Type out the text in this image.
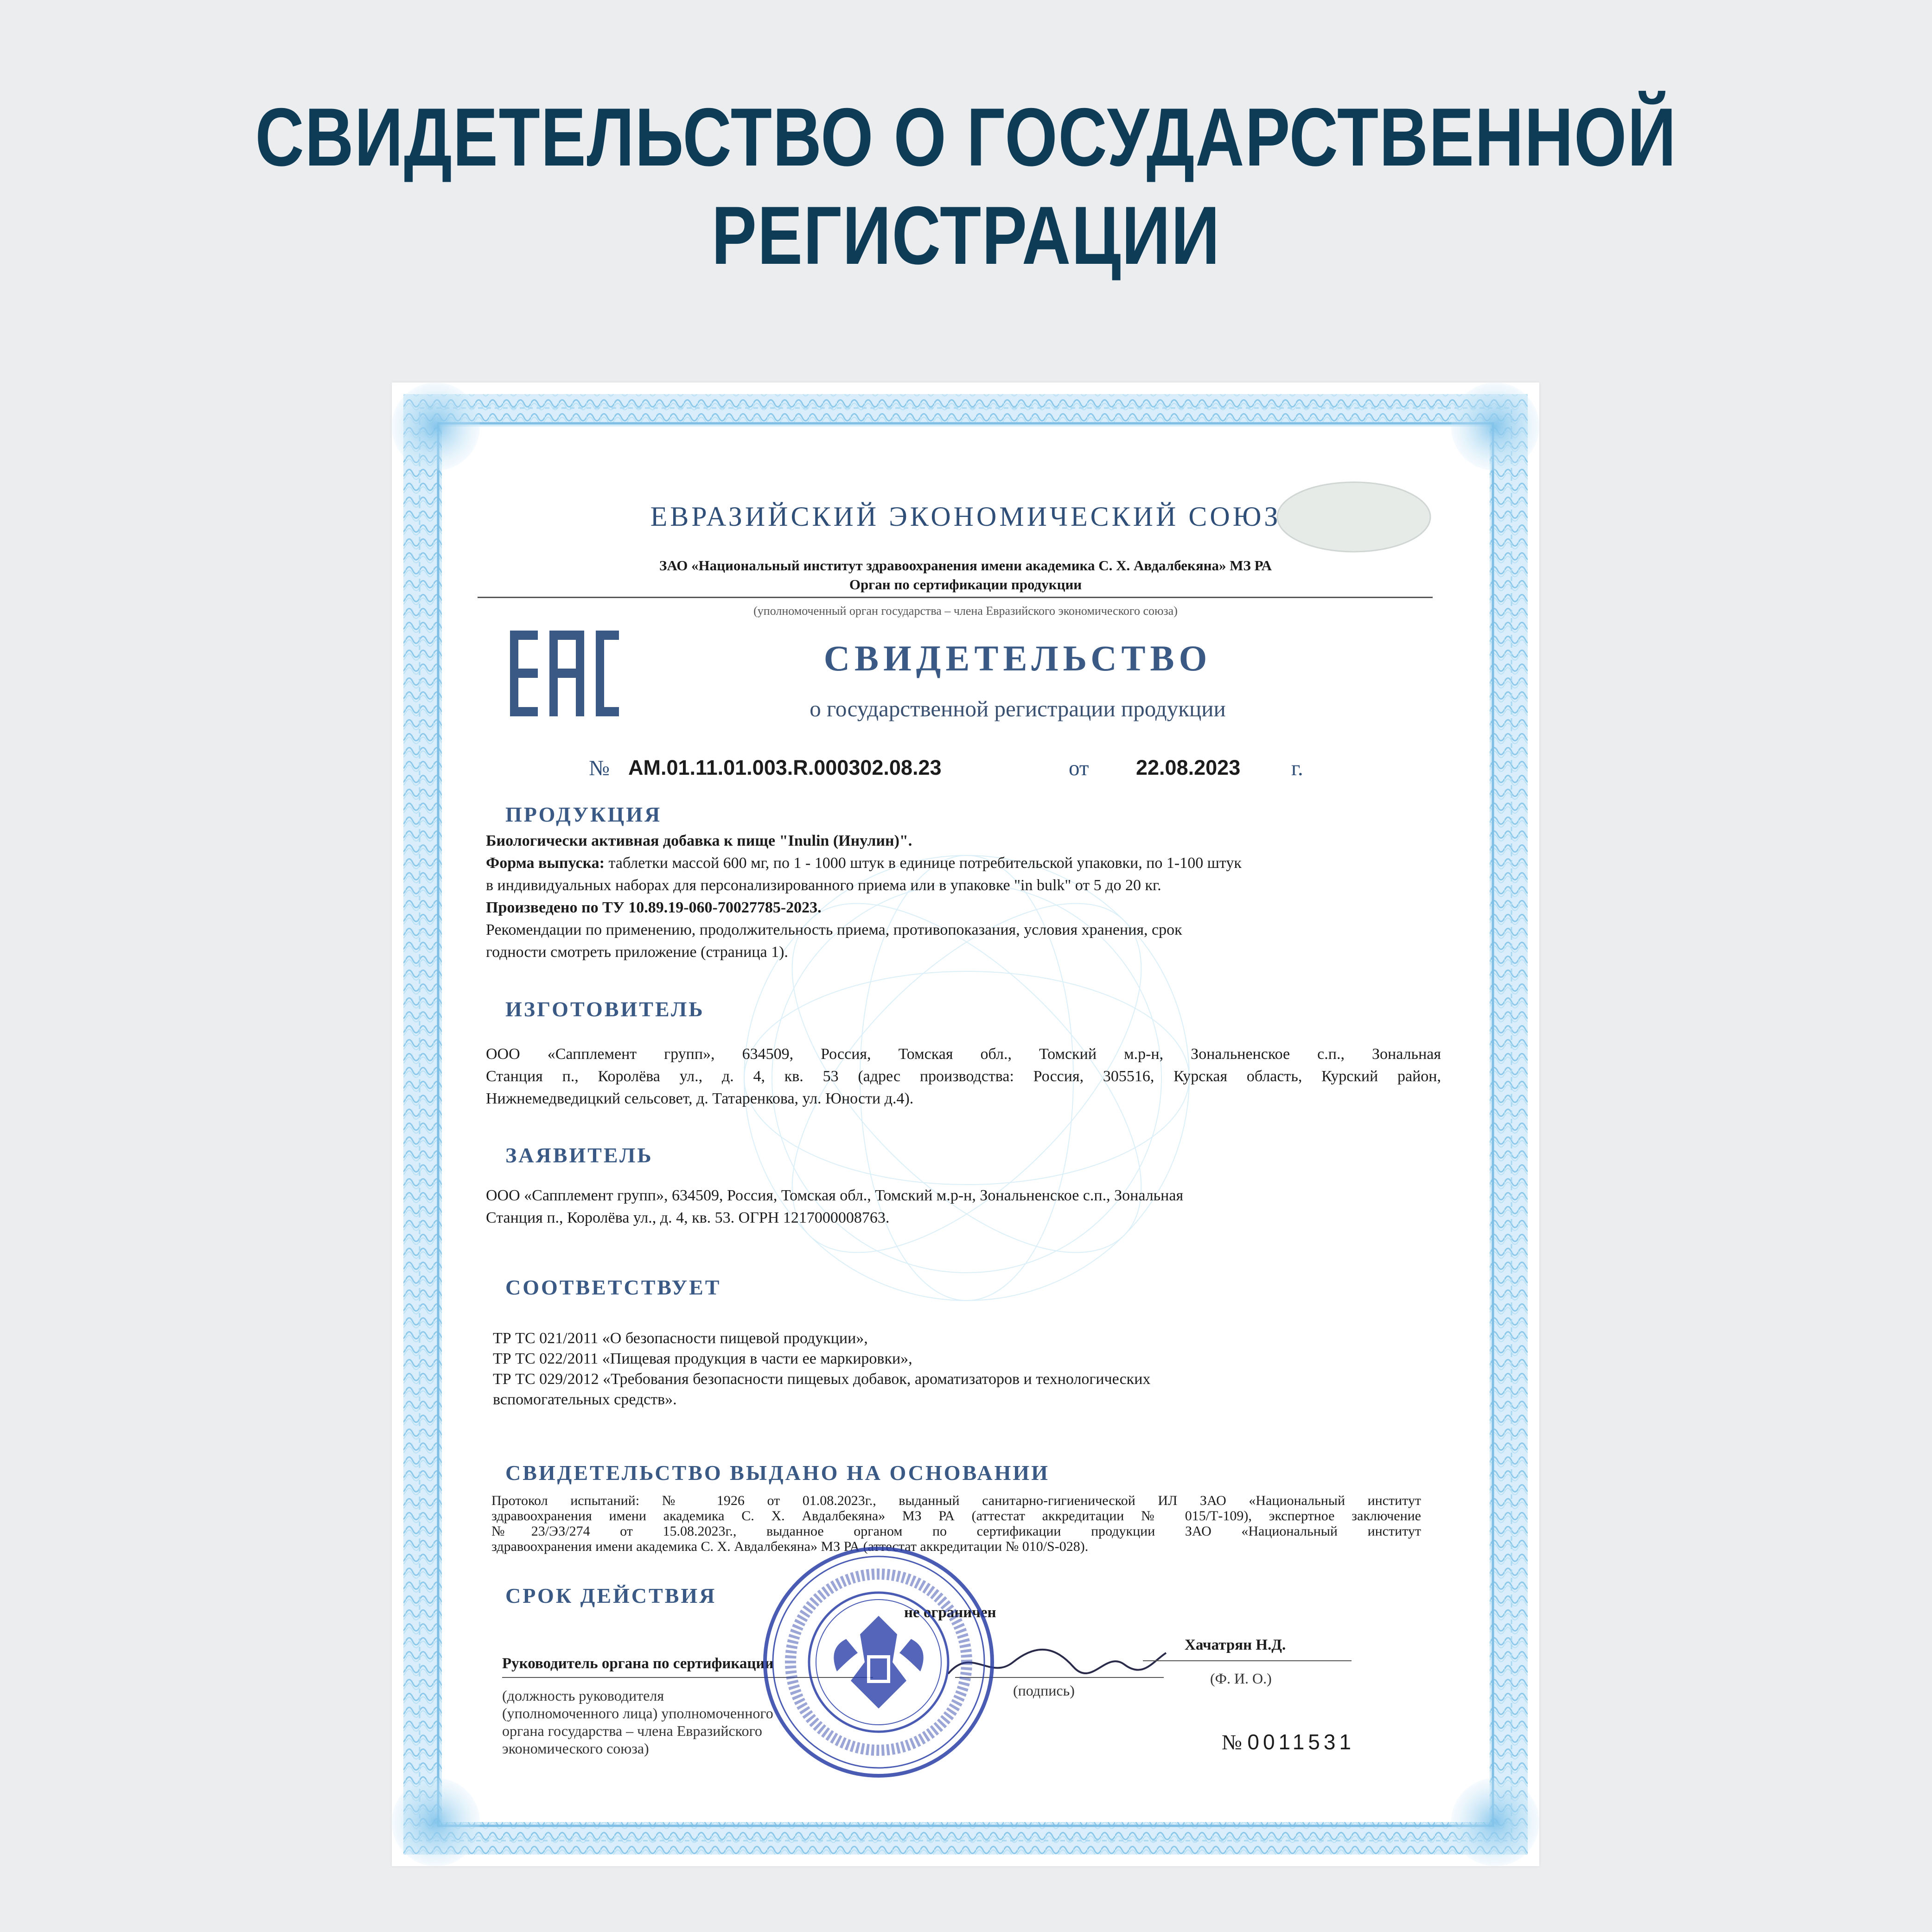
СВИДЕТЕЛЬСТВО О ГОСУДАРСТВЕННОЙ
РЕГИСТРАЦИИ
ЕВРАЗИЙСКИЙ ЭКОНОМИЧЕСКИЙ СОЮЗ
ЗАО «Национальный институт здравоохранения имени академика С. Х. Авдалбекяна» МЗ РА
Орган по сертификации продукции
(уполномоченный орган государства – члена Евразийского экономического союза)
СВИДЕТЕЛЬСТВО
о государственной регистрации продукции
№ AM.01.11.01.003.R.000302.08.23	от 22.08.2023 г.
ПРОДУКЦИЯ

Биологически активная добавка к пище "Inulin (Инулин)".

Форма выпуска: таблетки массой 600 мг, по 1 - 1000 штук в единице потребительской упаковки, по 1-100 штук

в индивидуальных наборах для персонализированного приема или в упаковке "in bulk" от 5 до 20 кг.

Произведено по ТУ 10.89.19-060-70027785-2023.

Рекомендации по применению, продолжительность приема, противопоказания, условия хранения, срок

годности смотреть приложение (страница 1).

ИЗГОТОВИТЕЛЬ

ООО «Сапплемент групп», 634509, Россия, Томская обл., Томский м.р-н, Зональненское с.п., Зональная

Станция п., Королёва ул., д. 4, кв. 53 (адрес производства: Россия, 305516, Курская область, Курский район,

Нижнемедведицкий сельсовет, д. Татаренкова, ул. Юности д.4).

ЗАЯВИТЕЛЬ

ООО «Сапплемент групп», 634509, Россия, Томская обл., Томский м.р-н, Зональненское с.п., Зональная

Станция п., Королёва ул., д. 4, кв. 53. ОГРН 1217000008763.

СООТВЕТСТВУЕТ

ТР ТС 021/2011 «О безопасности пищевой продукции»,

ТР ТС 022/2011 «Пищевая продукция в части ее маркировки»,

ТР ТС 029/2012 «Требования безопасности пищевых добавок, ароматизаторов и технологических

вспомогательных средств».

СВИДЕТЕЛЬСТВО ВЫДАНО НА ОСНОВАНИИ

Протокол испытаний: № 1926 от 01.08.2023г., выданный санитарно-гигиенической ИЛ ЗАО «Национальный институт

здравоохранения имени академика С. Х. Авдалбекяна» МЗ РА (аттестат аккредитации № 015/Т-109), экспертное заключение

№23/ЭЗ/274 от 15.08.2023г., выданное органом по сертификации продукции ЗАО «Национальный институт

здравоохранения имени академика С. Х. Авдалбекяна» МЗ РА (аттестат аккредитации № 010/S-028).

СРОК ДЕЙСТВИЯ
не ограничен
Руководитель органа по сертификации
Хачатрян Н.Д.
(Ф. И. О.)
(подпись)
(должность руководителя
(уполномоченного лица) уполномоченного
органа государства – члена Евразийского
экономического союза)	№ 0011531
